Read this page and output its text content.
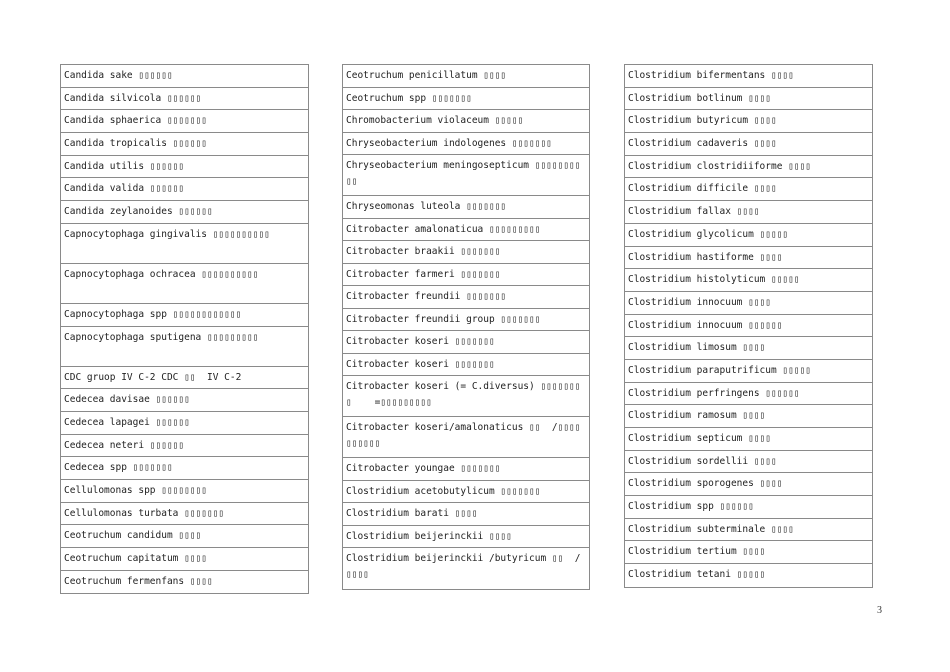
Candida sake ▯▯▯▯▯▯
Candida silvicola ▯▯▯▯▯▯
Candida sphaerica ▯▯▯▯▯▯▯
Candida tropicalis ▯▯▯▯▯▯
Candida utilis ▯▯▯▯▯▯
Candida valida ▯▯▯▯▯▯
Candida zeylanoides ▯▯▯▯▯▯
Capnocytophaga gingivalis ▯▯▯▯▯▯▯▯▯▯
Capnocytophaga ochracea ▯▯▯▯▯▯▯▯▯▯
Capnocytophaga spp ▯▯▯▯▯▯▯▯▯▯▯▯
Capnocytophaga sputigena ▯▯▯▯▯▯▯▯▯
CDC gruop IV C-2 CDC ▯▯  IV C-2
Cedecea davisae ▯▯▯▯▯▯
Cedecea lapagei ▯▯▯▯▯▯
Cedecea neteri ▯▯▯▯▯▯
Cedecea spp ▯▯▯▯▯▯▯
Cellulomonas spp ▯▯▯▯▯▯▯▯
Cellulomonas turbata ▯▯▯▯▯▯▯
Ceotruchum candidum ▯▯▯▯
Ceotruchum capitatum ▯▯▯▯
Ceotruchum fermenfans ▯▯▯▯
Ceotruchum penicillatum ▯▯▯▯
Ceotruchum spp ▯▯▯▯▯▯▯
Chromobacterium violaceum ▯▯▯▯▯
Chryseobacterium indologenes ▯▯▯▯▯▯▯
Chryseobacterium meningosepticum ▯▯▯▯▯▯▯▯▯▯
Chryseomonas luteola ▯▯▯▯▯▯▯
Citrobacter amalonaticua ▯▯▯▯▯▯▯▯▯
Citrobacter braakii ▯▯▯▯▯▯▯
Citrobacter farmeri ▯▯▯▯▯▯▯
Citrobacter freundii ▯▯▯▯▯▯▯
Citrobacter freundii group ▯▯▯▯▯▯▯
Citrobacter koseri ▯▯▯▯▯▯▯
Citrobacter koseri ▯▯▯▯▯▯▯
Citrobacter koseri (= C.diversus) ▯▯▯▯▯▯▯▯    =▯▯▯▯▯▯▯▯▯
Citrobacter koseri/amalonaticus ▯▯  /▯▯▯▯▯▯▯▯▯▯
Citrobacter youngae ▯▯▯▯▯▯▯
Clostridium acetobutylicum ▯▯▯▯▯▯▯
Clostridium barati ▯▯▯▯
Clostridium beijerinckii ▯▯▯▯
Clostridium beijerinckii /butyricum ▯▯  /▯▯▯▯
Clostridium bifermentans ▯▯▯▯
Clostridium botlinum ▯▯▯▯
Clostridium butyricum ▯▯▯▯
Clostridium cadaveris ▯▯▯▯
Clostridium clostridiiforme ▯▯▯▯
Clostridium difficile ▯▯▯▯
Clostridium fallax ▯▯▯▯
Clostridium glycolicum ▯▯▯▯▯
Clostridium hastiforme ▯▯▯▯
Clostridium histolyticum ▯▯▯▯▯
Clostridium innocuum ▯▯▯▯
Clostridium innocuum ▯▯▯▯▯▯
Clostridium limosum ▯▯▯▯
Clostridium paraputrificum ▯▯▯▯▯
Clostridium perfringens ▯▯▯▯▯▯
Clostridium ramosum ▯▯▯▯
Clostridium septicum ▯▯▯▯
Clostridium sordellii ▯▯▯▯
Clostridium sporogenes ▯▯▯▯
Clostridium spp ▯▯▯▯▯▯
Clostridium subterminale ▯▯▯▯
Clostridium tertium ▯▯▯▯
Clostridium tetani ▯▯▯▯▯
3
